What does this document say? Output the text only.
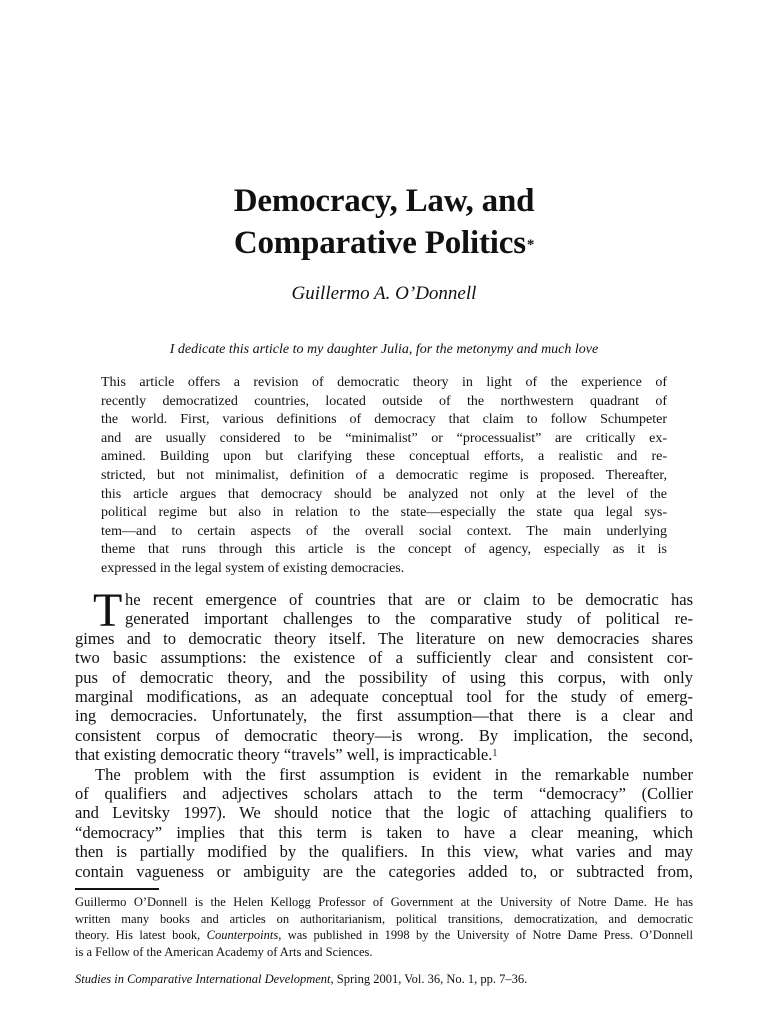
Democracy, Law, and
Comparative Politics*
Guillermo A. O’Donnell
I dedicate this article to my daughter Julia, for the metonymy and much love
This article offers a revision of democratic theory in light of the experience of
recently democratized countries, located outside of the northwestern quadrant of
the world. First, various definitions of democracy that claim to follow Schumpeter
and are usually considered to be “minimalist” or “processualist” are critically ex-
amined. Building upon but clarifying these conceptual efforts, a realistic and re-
stricted, but not minimalist, definition of a democratic regime is proposed. Thereafter,
this article argues that democracy should be analyzed not only at the level of the
political regime but also in relation to the state—especially the state qua legal sys-
tem—and to certain aspects of the overall social context. The main underlying
theme that runs through this article is the concept of agency, especially as it is
expressed in the legal system of existing democracies.
T he recent emergence of countries that are or claim to be democratic has
generated important challenges to the comparative study of political re-
gimes and to democratic theory itself. The literature on new democracies shares
two basic assumptions: the existence of a sufficiently clear and consistent cor-
pus of democratic theory, and the possibility of using this corpus, with only
marginal modifications, as an adequate conceptual tool for the study of emerg-
ing democracies. Unfortunately, the first assumption—that there is a clear and
consistent corpus of democratic theory—is wrong. By implication, the second,
that existing democratic theory “travels” well, is impracticable.$^1$
The problem with the first assumption is evident in the remarkable number
of qualifiers and adjectives scholars attach to the term “democracy” (Collier
and Levitsky 1997). We should notice that the logic of attaching qualifiers to
“democracy” implies that this term is taken to have a clear meaning, which
then is partially modified by the qualifiers. In this view, what varies and may
contain vagueness or ambiguity are the categories added to, or subtracted from,
Guillermo O’Donnell is the Helen Kellogg Professor of Government at the University of Notre Dame. He has
written many books and articles on authoritarianism, political transitions, democratization, and democratic
theory. His latest book, Counterpoints, was published in 1998 by the University of Notre Dame Press. O’Donnell
is a Fellow of the American Academy of Arts and Sciences.
Studies in Comparative International Development, Spring 2001, Vol. 36, No. 1, pp. 7–36.
